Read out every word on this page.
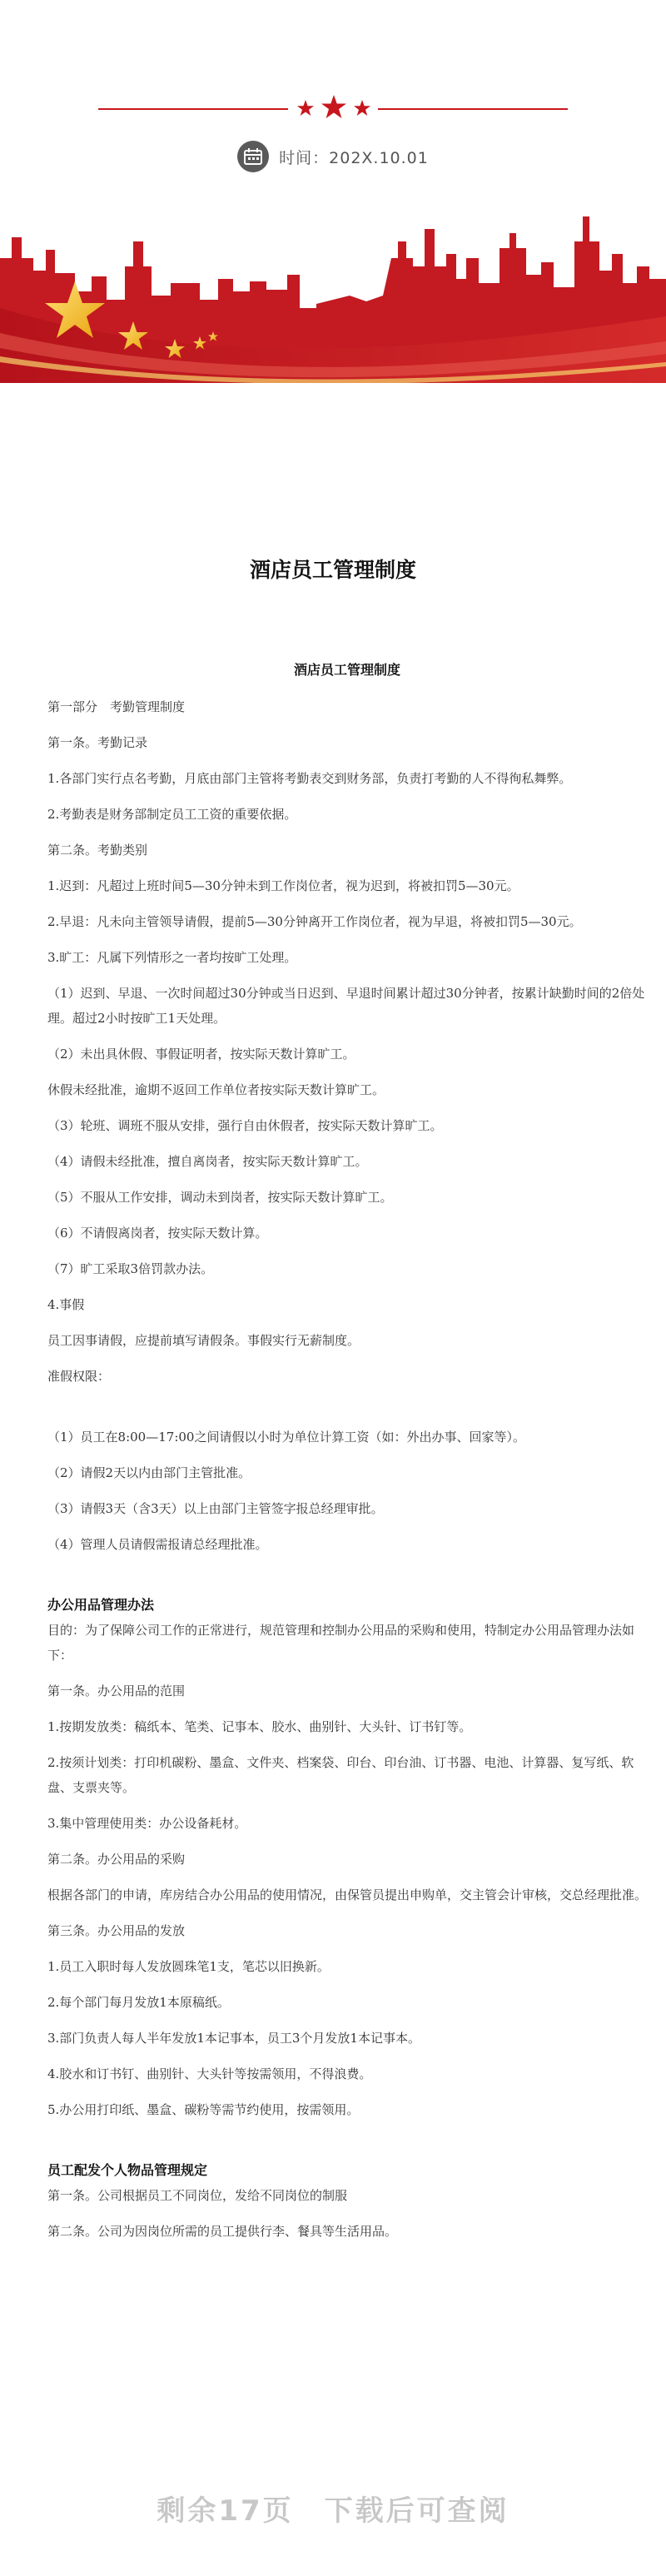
时间：202X.10.01
酒店员工管理制度

酒店员工管理制度

第一部分　考勤管理制度

第一条。考勤记录

1.各部门实行点名考勤，月底由部门主管将考勤表交到财务部，负责打考勤的人不得徇私舞弊。

2.考勤表是财务部制定员工工资的重要依据。

第二条。考勤类别

1.迟到：凡超过上班时间5—30分钟未到工作岗位者，视为迟到，将被扣罚5—30元。

2.早退：凡未向主管领导请假，提前5—30分钟离开工作岗位者，视为早退，将被扣罚5—30元。

3.旷工：凡属下列情形之一者均按旷工处理。

（1）迟到、早退、一次时间超过30分钟或当日迟到、早退时间累计超过30分钟者，按累计缺勤时间的2倍处理。超过2小时按旷工1天处理。

（2）未出具休假、事假证明者，按实际天数计算旷工。

休假未经批准，逾期不返回工作单位者按实际天数计算旷工。

（3）轮班、调班不服从安排，强行自由休假者，按实际天数计算旷工。

（4）请假未经批准，擅自离岗者，按实际天数计算旷工。

（5）不服从工作安排，调动未到岗者，按实际天数计算旷工。

（6）不请假离岗者，按实际天数计算。

（7）旷工采取3倍罚款办法。

4.事假

员工因事请假，应提前填写请假条。事假实行无薪制度。

准假权限：

（1）员工在8:00—17:00之间请假以小时为单位计算工资（如：外出办事、回家等）。

（2）请假2天以内由部门主管批准。

（3）请假3天（含3天）以上由部门主管签字报总经理审批。

（4）管理人员请假需报请总经理批准。

办公用品管理办法

目的：为了保障公司工作的正常进行，规范管理和控制办公用品的采购和使用，特制定办公用品管理办法如下：

第一条。办公用品的范围

1.按期发放类：稿纸本、笔类、记事本、胶水、曲别针、大头针、订书钉等。

2.按须计划类：打印机碳粉、墨盒、文件夹、档案袋、印台、印台油、订书器、电池、计算器、复写纸、软盘、支票夹等。

3.集中管理使用类：办公设备耗材。

第二条。办公用品的采购

根据各部门的申请，库房结合办公用品的使用情况，由保管员提出申购单，交主管会计审核，交总经理批准。

第三条。办公用品的发放

1.员工入职时每人发放圆珠笔1支，笔芯以旧换新。

2.每个部门每月发放1本原稿纸。

3.部门负责人每人半年发放1本记事本，员工3个月发放1本记事本。

4.胶水和订书钉、曲别针、大头针等按需领用，不得浪费。

5.办公用打印纸、墨盒、碳粉等需节约使用，按需领用。

员工配发个人物品管理规定

第一条。公司根据员工不同岗位，发给不同岗位的制服

第二条。公司为因岗位所需的员工提供行李、餐具等生活用品。

剩余17页　下载后可查阅
